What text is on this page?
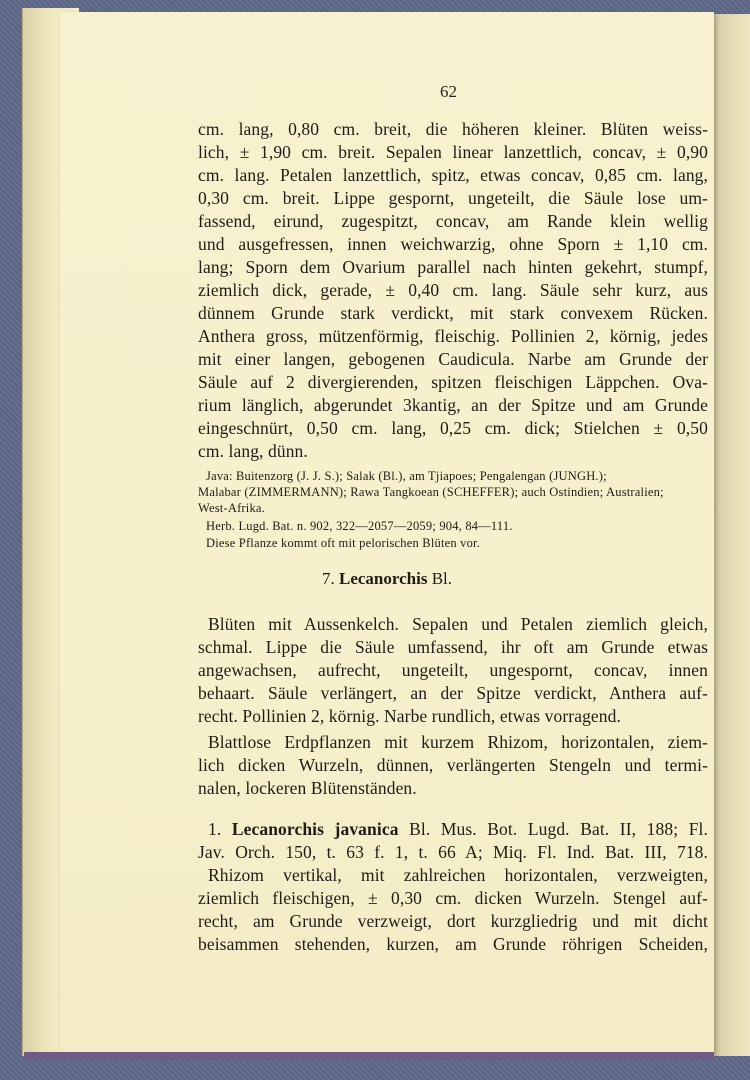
62
cm. lang, 0,80 cm. breit, die höheren kleiner. Blüten weiss-
lich, ± 1,90 cm. breit. Sepalen linear lanzettlich, concav, ± 0,90
cm. lang. Petalen lanzettlich, spitz, etwas concav, 0,85 cm. lang,
0,30 cm. breit. Lippe gespornt, ungeteilt, die Säule lose um-
fassend, eirund, zugespitzt, concav, am Rande klein wellig
und ausgefressen, innen weichwarzig, ohne Sporn ± 1,10 cm.
lang; Sporn dem Ovarium parallel nach hinten gekehrt, stumpf,
ziemlich dick, gerade, ± 0,40 cm. lang. Säule sehr kurz, aus
dünnem Grunde stark verdickt, mit stark convexem Rücken.
Anthera gross, mützenförmig, fleischig. Pollinien 2, körnig, jedes
mit einer langen, gebogenen Caudicula. Narbe am Grunde der
Säule auf 2 divergierenden, spitzen fleischigen Läppchen. Ova-
rium länglich, abgerundet 3kantig, an der Spitze und am Grunde
eingeschnürt, 0,50 cm. lang, 0,25 cm. dick; Stielchen ± 0,50
cm. lang, dünn.
Java: Buitenzorg (J. J. S.); Salak (Bl.), am Tjiapoes; Pengalengan (JUNGH.);
Malabar (ZIMMERMANN); Rawa Tangkoean (SCHEFFER); auch Ostindien; Australien;
West-Afrika.
Herb. Lugd. Bat. n. 902, 322—2057—2059; 904, 84—111.
Diese Pflanze kommt oft mit pelorischen Blüten vor.
7. Lecanorchis Bl.
Blüten mit Aussenkelch. Sepalen und Petalen ziemlich gleich,
schmal. Lippe die Säule umfassend, ihr oft am Grunde etwas
angewachsen, aufrecht, ungeteilt, ungespornt, concav, innen
behaart. Säule verlängert, an der Spitze verdickt, Anthera auf-
recht. Pollinien 2, körnig. Narbe rundlich, etwas vorragend.
Blattlose Erdpflanzen mit kurzem Rhizom, horizontalen, ziem-
lich dicken Wurzeln, dünnen, verlängerten Stengeln und termi-
nalen, lockeren Blütenständen.
1. Lecanorchis javanica Bl. Mus. Bot. Lugd. Bat. II, 188; Fl.
Jav. Orch. 150, t. 63 f. 1, t. 66 A; Miq. Fl. Ind. Bat. III, 718.
Rhizom vertikal, mit zahlreichen horizontalen, verzweigten,
ziemlich fleischigen, ± 0,30 cm. dicken Wurzeln. Stengel auf-
recht, am Grunde verzweigt, dort kurzgliedrig und mit dicht
beisammen stehenden, kurzen, am Grunde röhrigen Scheiden,
